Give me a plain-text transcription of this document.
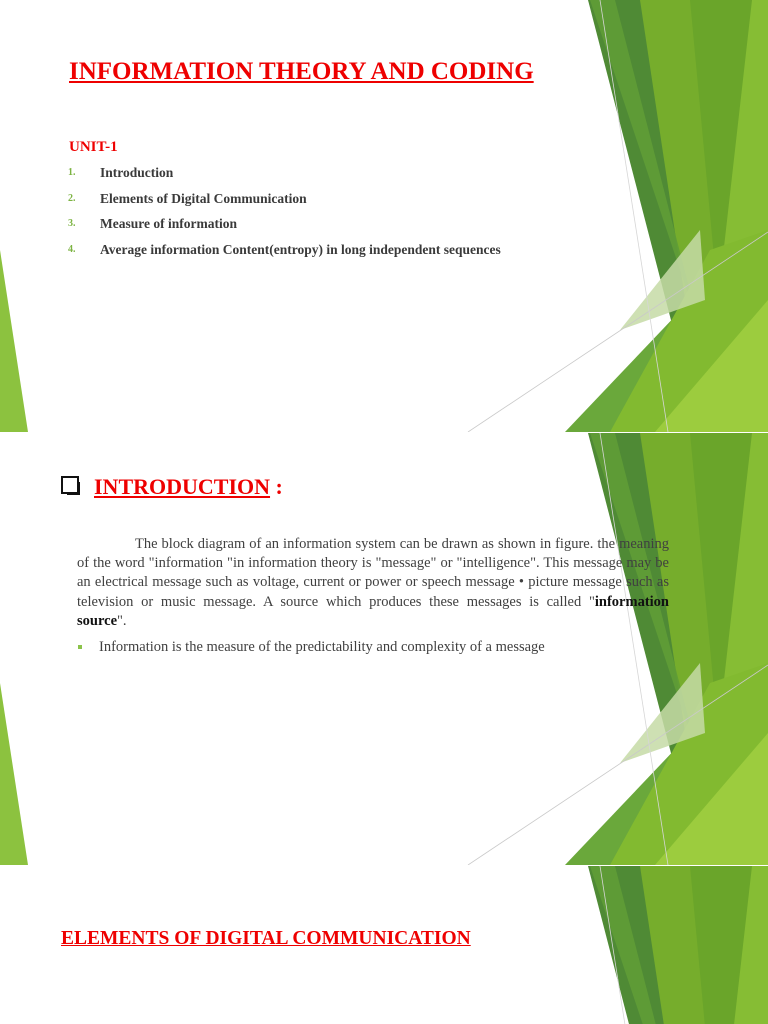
INFORMATION THEORY AND CODING
UNIT-1
1. Introduction
2. Elements of Digital Communication
3. Measure of information
4. Average information Content(entropy) in long independent sequences
INTRODUCTION :

The block diagram of an information system can be drawn as shown in figure. the meaning of the word "information "in information theory is "message" or "intelligence". This message may be an electrical message such as voltage, current or power or speech message • picture message such as television or music message. A source which produces these messages is called "information source".

Information is the measure of the predictability and complexity of a message
ELEMENTS OF DIGITAL COMMUNICATION
